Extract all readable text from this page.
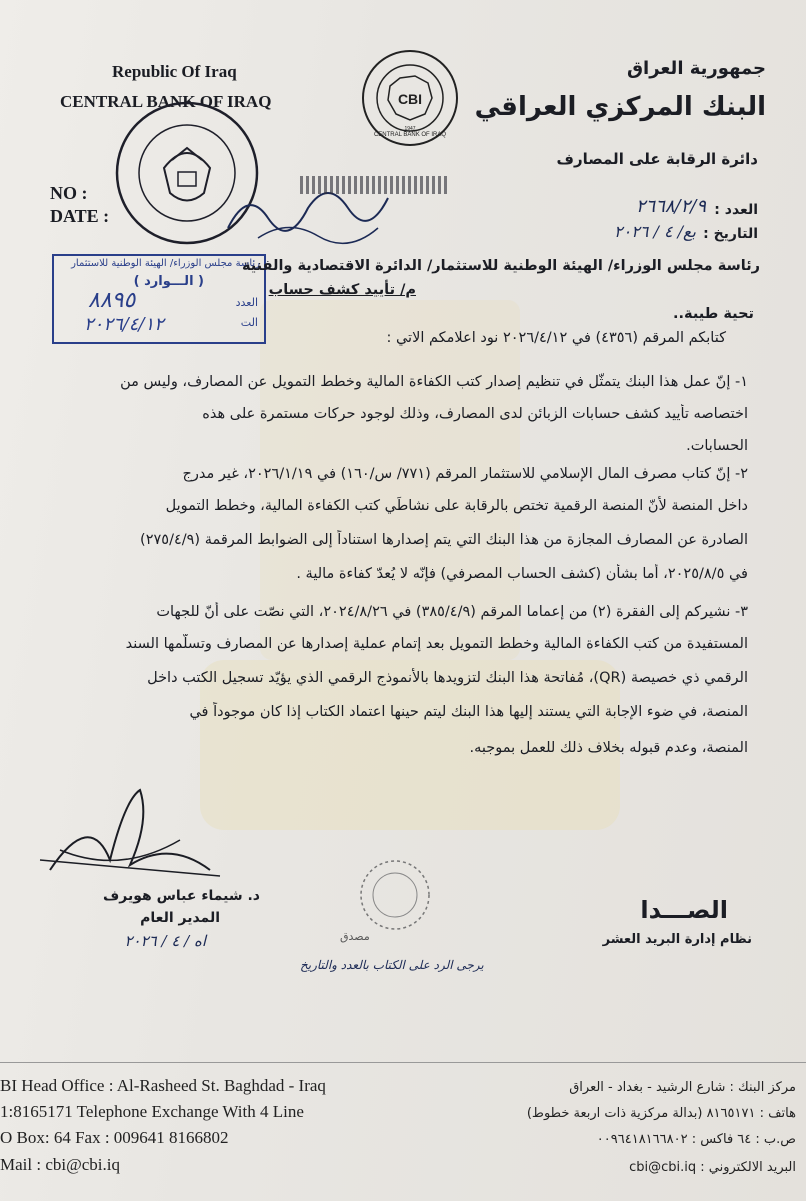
Republic Of Iraq
CENTRAL BANK OF IRAQ
NO :
DATE :
CBI
CENTRAL BANK OF IRAQ
1947
جمهورية العراق
البنك المركزي العراقي
دائرة الرقابة على المصارف
العدد :
٢٦٦٨/٢/٩
التاريخ :
بع/ ٤ / ٢٠٢٦
رئاسة مجلس الوزراء/ الهيئة الوطنية للاستثمار
( الـــوارد )
العدد
٨٨٩٥
الت
٢٠٢٦/٤/١٢
رئاسة مجلس الوزراء/ الهيئة الوطنية للاستثمار/ الدائرة الاقتصادية والفنية
م/ تأييد كشف حساب
تحية طيبة..
كتابكم المرقم (٤٣٥٦) في ٢٠٢٦/٤/١٢ نود اعلامكم الاتي :
١- إنّ عمل هذا البنك يتمثّل في تنظيم إصدار كتب الكفاءة المالية وخطط التمويل عن المصارف، وليس من
اختصاصه تأييد كشف حسابات الزبائن لدى المصارف، وذلك لوجود حركات مستمرة على هذه
الحسابات.
٢- إنّ كتاب مصرف المال الإسلامي للاستثمار المرقم (٧٧١/ س/١٦٠) في ٢٠٢٦/١/١٩، غير مدرج
داخل المنصة لأنّ المنصة الرقمية تختص بالرقابة على نشاطَي كتب الكفاءة المالية، وخطط التمويل
الصادرة عن المصارف المجازة من هذا البنك التي يتم إصدارها استناداً إلى الضوابط المرقمة (٢٧٥/٤/٩)
في ٢٠٢٥/٨/٥، أما بشأن (كشف الحساب المصرفي) فإنّه لا يُعدّ كفاءة مالية .
٣- نشيركم إلى الفقرة (٢) من إعماما المرقم (٣٨٥/٤/٩) في ٢٠٢٤/٨/٢٦، التي نصّت على أنّ للجهات
المستفيدة من كتب الكفاءة المالية وخطط التمويل بعد إتمام عملية إصدارها عن المصارف وتسلّمها السند
الرقمي ذي خصيصة (QR)، مُفاتحة هذا البنك لتزويدها بالأنموذج الرقمي الذي يؤيّد تسجيل الكتب داخل
المنصة، في ضوء الإجابة التي يستند إليها هذا البنك ليتم حينها اعتماد الكتاب إذا كان موجوداً في
المنصة، وعدم قبوله بخلاف ذلك للعمل بموجبه.
د. شيماء عباس هويرف
المدير العام
اه / ٤ / ٢٠٢٦	مصدق
يرجى الرد على الكتاب بالعدد والتاريخ
الصـــدا
نظام إدارة البريد العشر
BI Head Office : Al-Rasheed St. Baghdad - Iraq
1:8165171 Telephone Exchange With 4 Line
O Box: 64 Fax : 009641 8166802
Mail : cbi@cbi.iq
مركز البنك : شارع الرشيد - بغداد - العراق
هاتف : ٨١٦٥١٧١ (بدالة مركزية ذات اربعة خطوط)
ص.ب : ٦٤ فاكس : ٠٠٩٦٤١٨١٦٦٨٠٢
البريد الالكتروني : cbi@cbi.iq
